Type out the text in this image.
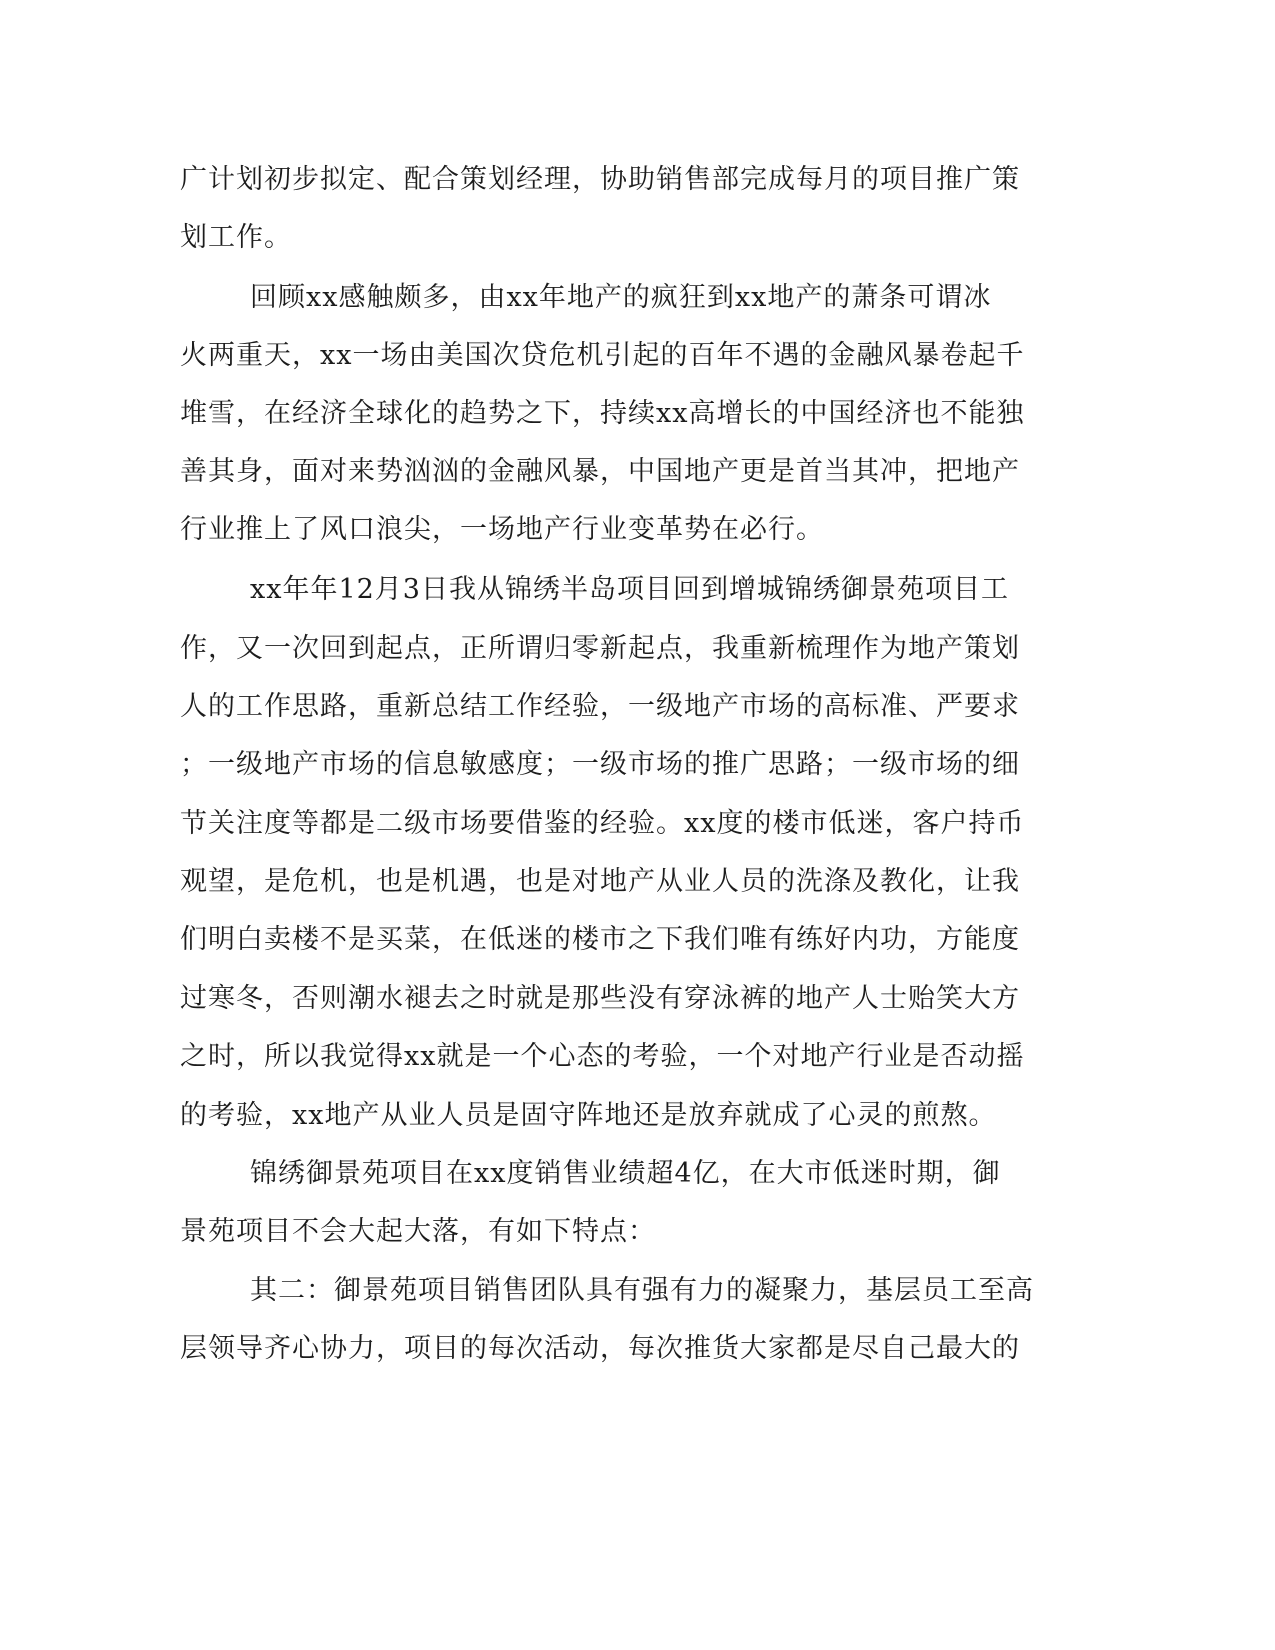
广计划初步拟定、配合策划经理，协助销售部完成每月的项目推广策
划工作。
回顾xx感触颇多，由xx年地产的疯狂到xx地产的萧条可谓冰
火两重天，xx一场由美国次贷危机引起的百年不遇的金融风暴卷起千
堆雪，在经济全球化的趋势之下，持续xx高增长的中国经济也不能独
善其身，面对来势汹汹的金融风暴，中国地产更是首当其冲，把地产
行业推上了风口浪尖，一场地产行业变革势在必行。
xx年年12月3日我从锦绣半岛项目回到增城锦绣御景苑项目工
作，又一次回到起点，正所谓归零新起点，我重新梳理作为地产策划
人的工作思路，重新总结工作经验，一级地产市场的高标准、严要求
；一级地产市场的信息敏感度；一级市场的推广思路；一级市场的细
节关注度等都是二级市场要借鉴的经验。xx度的楼市低迷，客户持币
观望，是危机，也是机遇，也是对地产从业人员的洗涤及教化，让我
们明白卖楼不是买菜，在低迷的楼市之下我们唯有练好内功，方能度
过寒冬，否则潮水褪去之时就是那些没有穿泳裤的地产人士贻笑大方
之时，所以我觉得xx就是一个心态的考验，一个对地产行业是否动摇
的考验，xx地产从业人员是固守阵地还是放弃就成了心灵的煎熬。
锦绣御景苑项目在xx度销售业绩超4亿，在大市低迷时期，御
景苑项目不会大起大落，有如下特点：
其二：御景苑项目销售团队具有强有力的凝聚力，基层员工至高
层领导齐心协力，项目的每次活动，每次推货大家都是尽自己最大的
